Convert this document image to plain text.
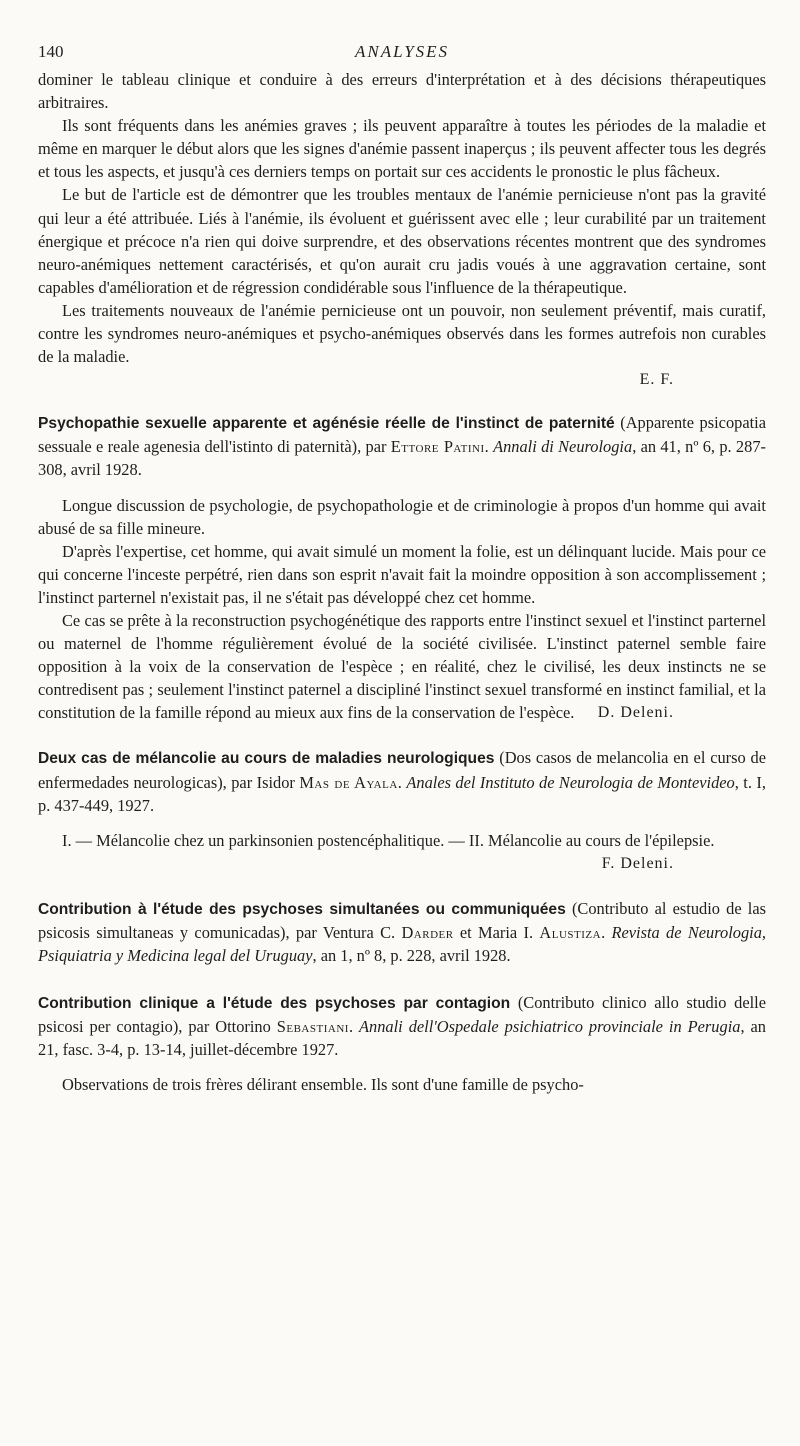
140	ANALYSES

dominer le tableau clinique et conduire à des erreurs d'interprétation et à des décisions thérapeutiques arbitraires.

Ils sont fréquents dans les anémies graves ; ils peuvent apparaître à toutes les périodes de la maladie et même en marquer le début alors que les signes d'anémie passent inaperçus ; ils peuvent affecter tous les degrés et tous les aspects, et jusqu'à ces derniers temps on portait sur ces accidents le pronostic le plus fâcheux.

Le but de l'article est de démontrer que les troubles mentaux de l'anémie pernicieuse n'ont pas la gravité qui leur a été attribuée. Liés à l'anémie, ils évoluent et guérissent avec elle ; leur curabilité par un traitement énergique et précoce n'a rien qui doive surprendre, et des observations récentes montrent que des syndromes neuro-anémiques nettement caractérisés, et qu'on aurait cru jadis voués à une aggravation certaine, sont capables d'amélioration et de régression condidérable sous l'influence de la thérapeutique.

Les traitements nouveaux de l'anémie pernicieuse ont un pouvoir, non seulement préventif, mais curatif, contre les syndromes neuro-anémiques et psycho-anémiques observés dans les formes autrefois non curables de la maladie.

E. F.
Psychopathie sexuelle apparente et agénésie réelle de l'instinct de paternité (Apparente psicopatia sessuale e reale agenesia dell'istinto di paternità), par Ettore Patini. Annali di Neurologia, an 41, nº 6, p. 287-308, avril 1928.

Longue discussion de psychologie, de psychopathologie et de criminologie à propos d'un homme qui avait abusé de sa fille mineure.

D'après l'expertise, cet homme, qui avait simulé un moment la folie, est un délinquant lucide. Mais pour ce qui concerne l'inceste perpétré, rien dans son esprit n'avait fait la moindre opposition à son accomplissement ; l'instinct parternel n'existait pas, il ne s'était pas développé chez cet homme.

Ce cas se prête à la reconstruction psychogénétique des rapports entre l'instinct sexuel et l'instinct parternel ou maternel de l'homme régulièrement évolué de la société civilisée. L'instinct paternel semble faire opposition à la voix de la conservation de l'espèce ; en réalité, chez le civilisé, les deux instincts ne se contredisent pas ; seulement l'instinct paternel a discipliné l'instinct sexuel transformé en instinct familial, et la constitution de la famille répond au mieux aux fins de la conservation de l'espèce. D. Deleni.

Deux cas de mélancolie au cours de maladies neurologiques (Dos casos de melancolia en el curso de enfermedades neurologicas), par Isidor Mas de Ayala. Anales del Instituto de Neurologia de Montevideo, t. I, p. 437-449, 1927.

I. — Mélancolie chez un parkinsonien postencéphalitique. — II. Mélancolie au cours de l'épilepsie.

F. Deleni.
Contribution à l'étude des psychoses simultanées ou communiquées (Contributo al estudio de las psicosis simultaneas y comunicadas), par Ventura C. Darder et Maria I. Alustiza. Revista de Neurologia, Psiquiatria y Medicina legal del Uruguay, an 1, nº 8, p. 228, avril 1928.
Contribution clinique a l'étude des psychoses par contagion (Contributo clinico allo studio delle psicosi per contagio), par Ottorino Sebastiani. Annali dell'Ospedale psichiatrico provinciale in Perugia, an 21, fasc. 3-4, p. 13-14, juillet-décembre 1927.

Observations de trois frères délirant ensemble. Ils sont d'une famille de psycho-
